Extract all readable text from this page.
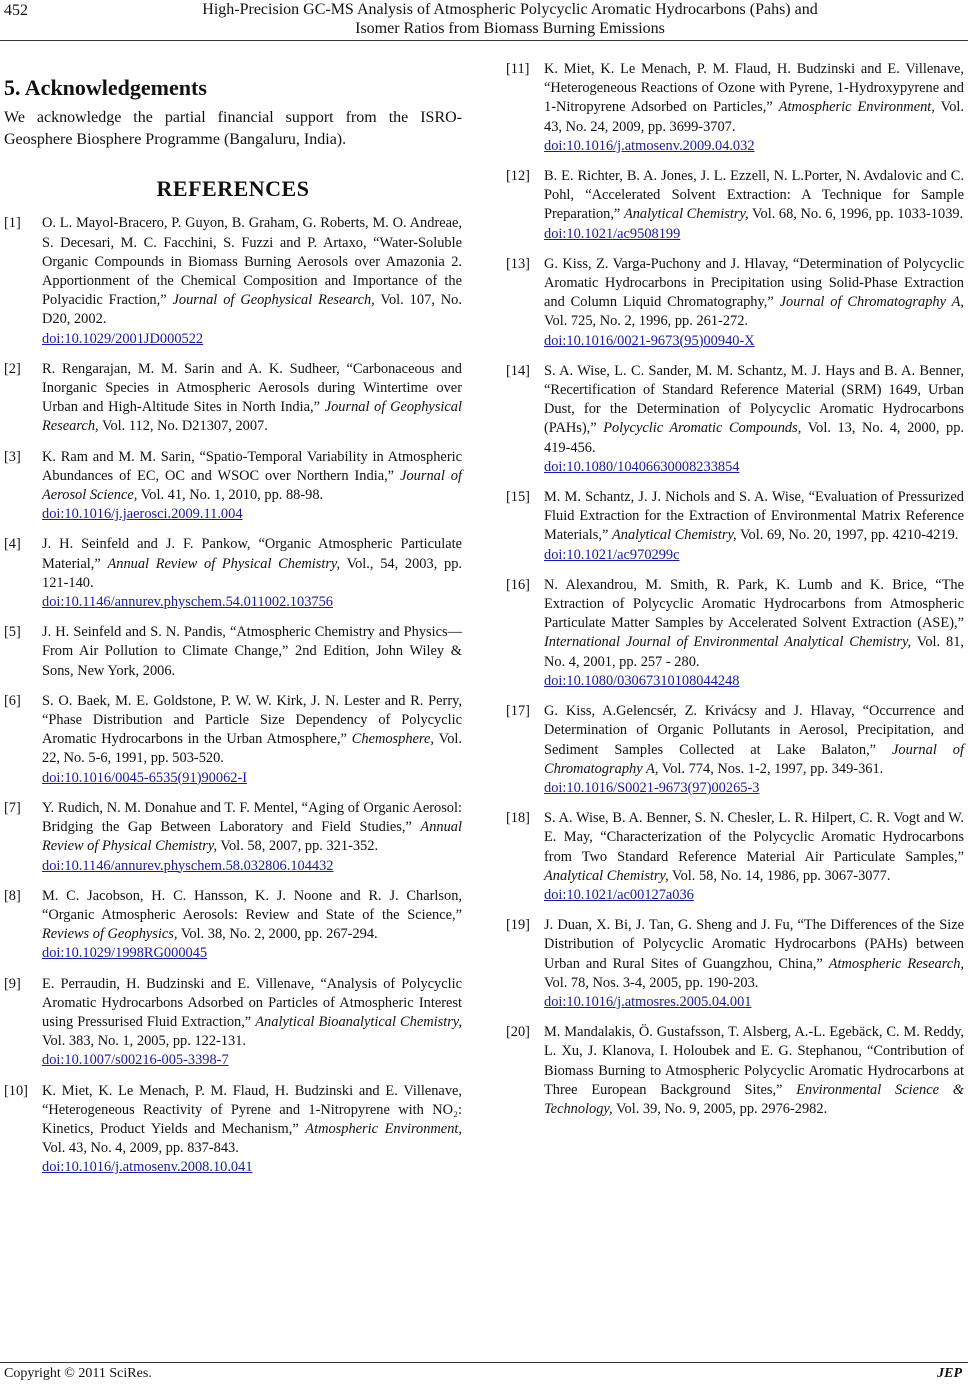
452	High-Precision GC-MS Analysis of Atmospheric Polycyclic Aromatic Hydrocarbons (Pahs) and
Isomer Ratios from Biomass Burning Emissions
5. Acknowledgements

We acknowledge the partial financial support from the ISRO-Geosphere Biosphere Programme (Bangaluru, India).

REFERENCES
[1] O. L. Mayol-Bracero, P. Guyon, B. Graham, G. Roberts, M. O. Andreae, S. Decesari, M. C. Facchini, S. Fuzzi and P. Artaxo, “Water-Soluble Organic Compounds in Biomass Burning Aerosols over Amazonia 2. Apportionment of the Chemical Composition and Importance of the Polyacidic Fraction,” Journal of Geophysical Research, Vol. 107, No. D20, 2002.
doi:10.1029/2001JD000522
[2] R. Rengarajan, M. M. Sarin and A. K. Sudheer, “Carbonaceous and Inorganic Species in Atmospheric Aerosols during Wintertime over Urban and High-Altitude Sites in North India,” Journal of Geophysical Research, Vol. 112, No. D21307, 2007.
[3] K. Ram and M. M. Sarin, “Spatio-Temporal Variability in Atmospheric Abundances of EC, OC and WSOC over Northern India,” Journal of Aerosol Science, Vol. 41, No. 1, 2010, pp. 88-98.
doi:10.1016/j.jaerosci.2009.11.004
[4] J. H. Seinfeld and J. F. Pankow, “Organic Atmospheric Particulate Material,” Annual Review of Physical Chemistry, Vol., 54, 2003, pp. 121-140.
doi:10.1146/annurev.physchem.54.011002.103756
[5] J. H. Seinfeld and S. N. Pandis, “Atmospheric Chemistry and Physics—From Air Pollution to Climate Change,” 2nd Edition, John Wiley & Sons, New York, 2006.
[6] S. O. Baek, M. E. Goldstone, P. W. W. Kirk, J. N. Lester and R. Perry, “Phase Distribution and Particle Size Dependency of Polycyclic Aromatic Hydrocarbons in the Urban Atmosphere,” Chemosphere, Vol. 22, No. 5-6, 1991, pp. 503-520.
doi:10.1016/0045-6535(91)90062-I
[7] Y. Rudich, N. M. Donahue and T. F. Mentel, “Aging of Organic Aerosol: Bridging the Gap Between Laboratory and Field Studies,” Annual Review of Physical Chemistry, Vol. 58, 2007, pp. 321-352.
doi:10.1146/annurev.physchem.58.032806.104432
[8] M. C. Jacobson, H. C. Hansson, K. J. Noone and R. J. Charlson, “Organic Atmospheric Aerosols: Review and State of the Science,” Reviews of Geophysics, Vol. 38, No. 2, 2000, pp. 267-294.
doi:10.1029/1998RG000045
[9] E. Perraudin, H. Budzinski and E. Villenave, “Analysis of Polycyclic Aromatic Hydrocarbons Adsorbed on Particles of Atmospheric Interest using Pressurised Fluid Extraction,” Analytical Bioanalytical Chemistry, Vol. 383, No. 1, 2005, pp. 122-131.
doi:10.1007/s00216-005-3398-7
[10] K. Miet, K. Le Menach, P. M. Flaud, H. Budzinski and E. Villenave, “Heterogeneous Reactivity of Pyrene and 1-Nitropyrene with NO₂: Kinetics, Product Yields and Mechanism,” Atmospheric Environment, Vol. 43, No. 4, 2009, pp. 837-843.
doi:10.1016/j.atmosenv.2008.10.041
[11] K. Miet, K. Le Menach, P. M. Flaud, H. Budzinski and E. Villenave, “Heterogeneous Reactions of Ozone with Pyrene, 1-Hydroxypyrene and 1-Nitropyrene Adsorbed on Particles,” Atmospheric Environment, Vol. 43, No. 24, 2009, pp. 3699-3707.
doi:10.1016/j.atmosenv.2009.04.032
[12] B. E. Richter, B. A. Jones, J. L. Ezzell, N. L.Porter, N. Avdalovic and C. Pohl, “Accelerated Solvent Extraction: A Technique for Sample Preparation,” Analytical Chemistry, Vol. 68, No. 6, 1996, pp. 1033-1039.
doi:10.1021/ac9508199
[13] G. Kiss, Z. Varga-Puchony and J. Hlavay, “Determination of Polycyclic Aromatic Hydrocarbons in Precipitation using Solid-Phase Extraction and Column Liquid Chromatography,” Journal of Chromatography A, Vol. 725, No. 2, 1996, pp. 261-272.
doi:10.1016/0021-9673(95)00940-X
[14] S. A. Wise, L. C. Sander, M. M. Schantz, M. J. Hays and B. A. Benner, “Recertification of Standard Reference Material (SRM) 1649, Urban Dust, for the Determination of Polycyclic Aromatic Hydrocarbons (PAHs),” Polycyclic Aromatic Compounds, Vol. 13, No. 4, 2000, pp. 419-456.
doi:10.1080/10406630008233854
[15] M. M. Schantz, J. J. Nichols and S. A. Wise, “Evaluation of Pressurized Fluid Extraction for the Extraction of Environmental Matrix Reference Materials,” Analytical Chemistry, Vol. 69, No. 20, 1997, pp. 4210-4219.
doi:10.1021/ac970299c
[16] N. Alexandrou, M. Smith, R. Park, K. Lumb and K. Brice, “The Extraction of Polycyclic Aromatic Hydrocarbons from Atmospheric Particulate Matter Samples by Accelerated Solvent Extraction (ASE),” International Journal of Environmental Analytical Chemistry, Vol. 81, No. 4, 2001, pp. 257 - 280.
doi:10.1080/03067310108044248
[17] G. Kiss, A.Gelencsér, Z. Krivácsy and J. Hlavay, “Occurrence and Determination of Organic Pollutants in Aerosol, Precipitation, and Sediment Samples Collected at Lake Balaton,” Journal of Chromatography A, Vol. 774, Nos. 1-2, 1997, pp. 349-361.
doi:10.1016/S0021-9673(97)00265-3
[18] S. A. Wise, B. A. Benner, S. N. Chesler, L. R. Hilpert, C. R. Vogt and W. E. May, “Characterization of the Polycyclic Aromatic Hydrocarbons from Two Standard Reference Material Air Particulate Samples,” Analytical Chemistry, Vol. 58, No. 14, 1986, pp. 3067-3077.
doi:10.1021/ac00127a036
[19] J. Duan, X. Bi, J. Tan, G. Sheng and J. Fu, “The Differences of the Size Distribution of Polycyclic Aromatic Hydrocarbons (PAHs) between Urban and Rural Sites of Guangzhou, China,” Atmospheric Research, Vol. 78, Nos. 3-4, 2005, pp. 190-203.
doi:10.1016/j.atmosres.2005.04.001
[20] M. Mandalakis, Ö. Gustafsson, T. Alsberg, A.-L. Egebäck, C. M. Reddy, L. Xu, J. Klanova, I. Holoubek and E. G. Stephanou, “Contribution of Biomass Burning to Atmospheric Polycyclic Aromatic Hydrocarbons at Three European Background Sites,” Environmental Science & Technology, Vol. 39, No. 9, 2005, pp. 2976-2982.
Copyright © 2011 SciRes.	JEP
